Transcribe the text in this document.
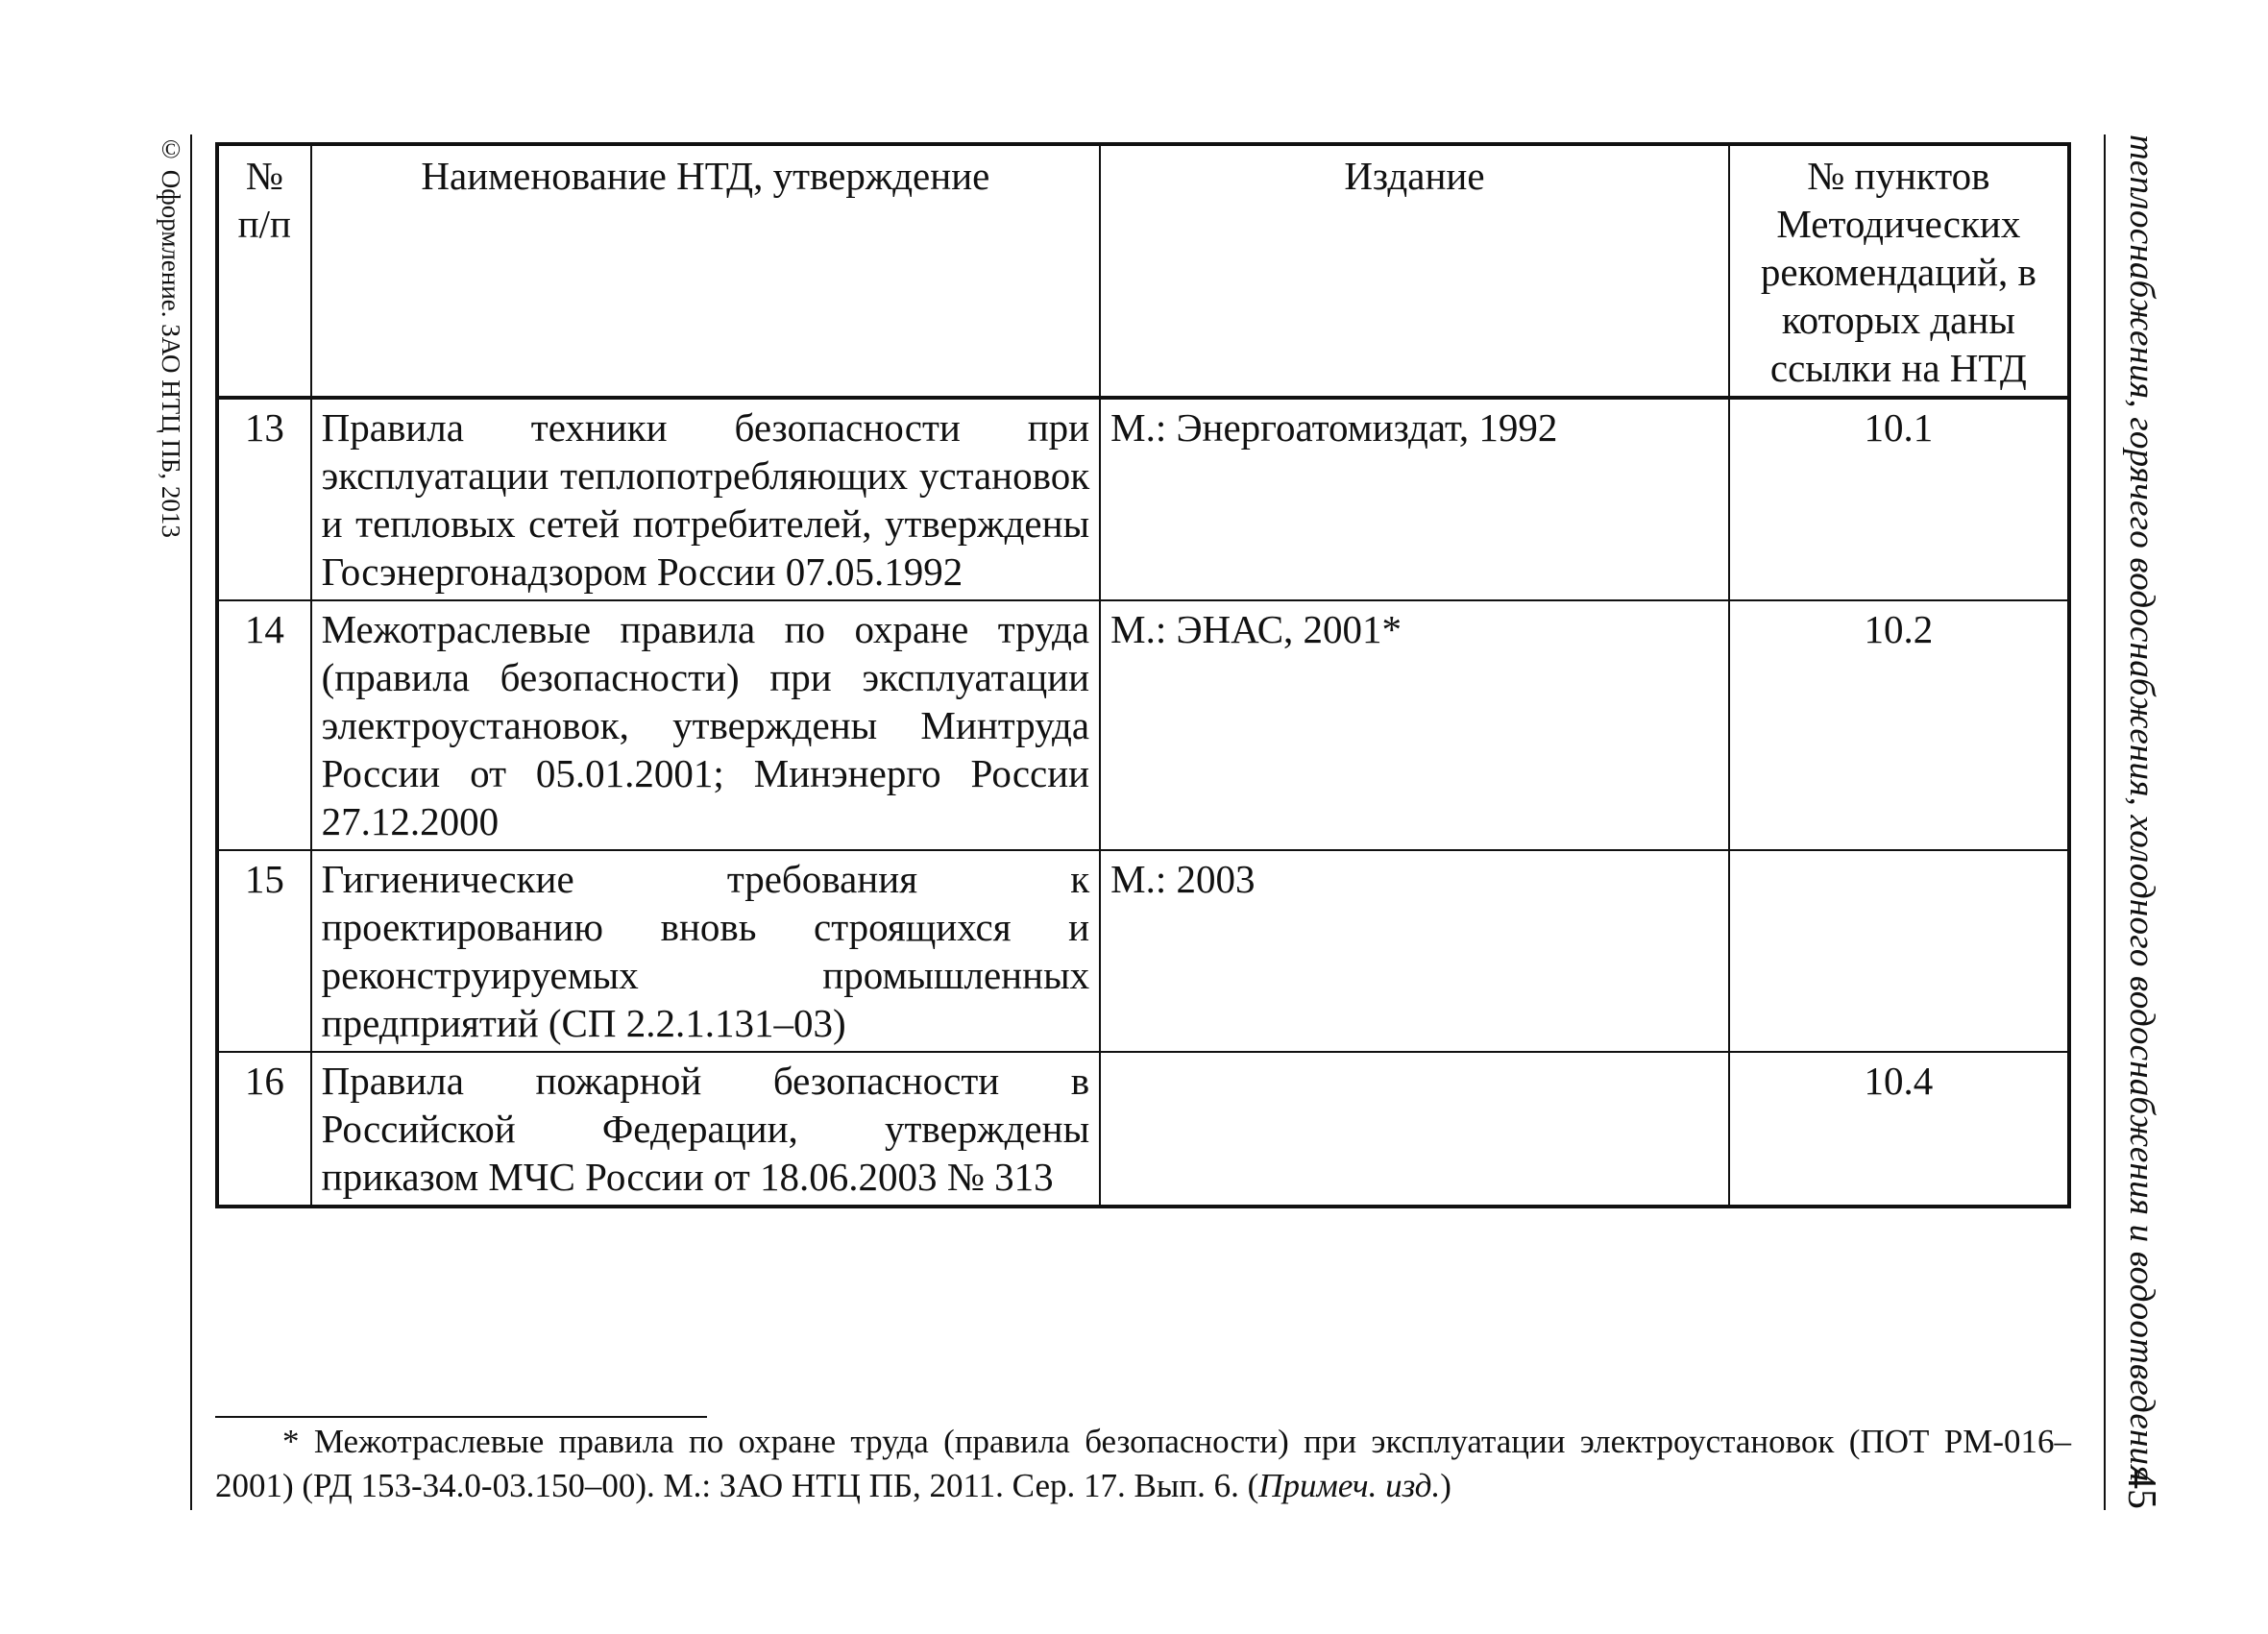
© Оформление. ЗАО НТЦ ПБ, 2013	теплоснабжения, горячего водоснабжения, холодного водоснабжения и водоотведения
45
№ п/п	Наименование НТД, утверждение	Издание	№ пунктов Методических рекомендаций, в которых даны ссылки на НТД
13	Правила техники безопасности при эксплуатации теплопотребляющих установок и тепловых сетей потребителей, утверждены Госэнергонадзором России 07.05.1992	М.: Энергоатомиздат, 1992	10.1
14	Межотраслевые правила по охране труда (правила безопасности) при эксплуатации электроустановок, утверждены Минтруда России от 05.01.2001; Минэнерго России 27.12.2000	М.: ЭНАС, 2001*	10.2
15	Гигиенические требования к проектированию вновь строящихся и реконструируемых промышленных предприятий (СП 2.2.1.131–03)	М.: 2003	
16	Правила пожарной безопасности в Российской Федерации, утверждены приказом МЧС России от 18.06.2003 № 313		10.4
* Межотраслевые правила по охране труда (правила безопасности) при эксплуатации электроустановок (ПОТ РМ-016–2001) (РД 153-34.0-03.150–00). М.: ЗАО НТЦ ПБ, 2011. Сер. 17. Вып. 6. (Примеч. изд.)
